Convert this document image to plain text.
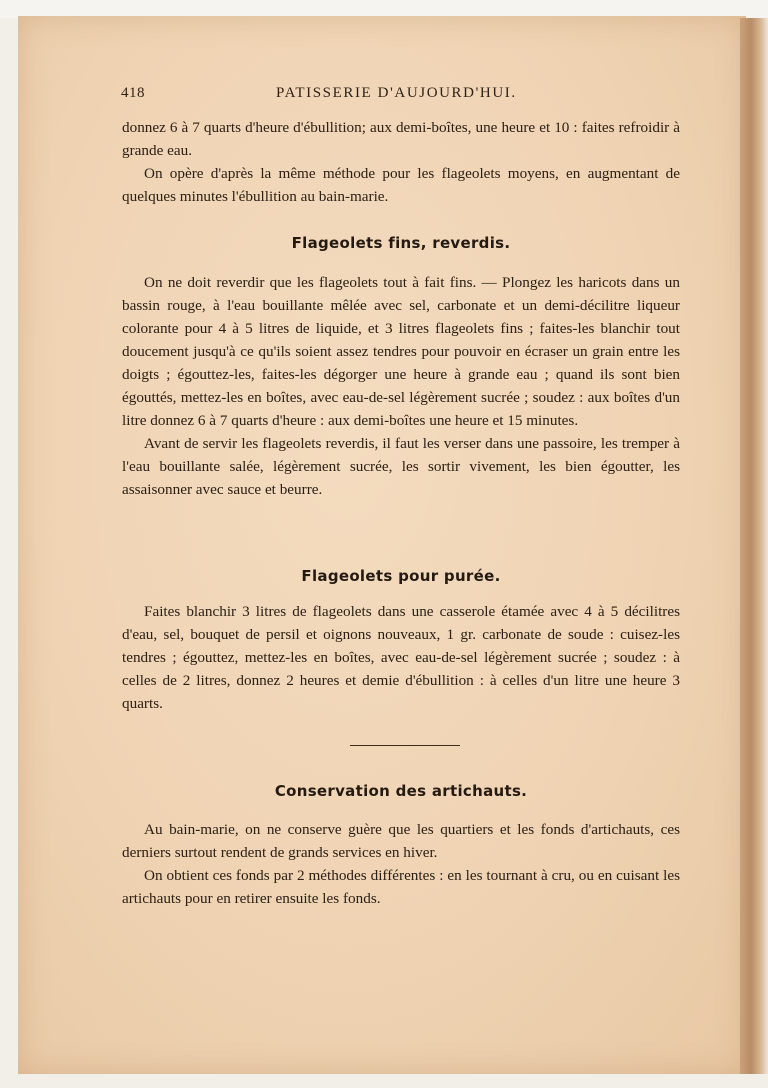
418	PATISSERIE D'AUJOURD'HUI.

donnez 6 à 7 quarts d'heure d'ébullition; aux demi-boîtes, une heure et 10 : faites refroidir à grande eau.

On opère d'après la même méthode pour les flageolets moyens, en augmentant de quelques minutes l'ébullition au bain-marie.

Flageolets fins, reverdis.

On ne doit reverdir que les flageolets tout à fait fins. — Plongez les haricots dans un bassin rouge, à l'eau bouillante mêlée avec sel, carbonate et un demi-décilitre liqueur colorante pour 4 à 5 litres de liquide, et 3 litres flageolets fins ; faites-les blanchir tout doucement jusqu'à ce qu'ils soient assez tendres pour pouvoir en écraser un grain entre les doigts ; égouttez-les, faites-les dégorger une heure à grande eau ; quand ils sont bien égouttés, mettez-les en boîtes, avec eau-de-sel légèrement sucrée ; soudez : aux boîtes d'un litre donnez 6 à 7 quarts d'heure : aux demi-boîtes une heure et 15 minutes.

Avant de servir les flageolets reverdis, il faut les verser dans une passoire, les tremper à l'eau bouillante salée, légèrement sucrée, les sortir vivement, les bien égoutter, les assaisonner avec sauce et beurre.

Flageolets pour purée.

Faites blanchir 3 litres de flageolets dans une casserole étamée avec 4 à 5 décilitres d'eau, sel, bouquet de persil et oignons nouveaux, 1 gr. carbonate de soude : cuisez-les tendres ; égouttez, mettez-les en boîtes, avec eau-de-sel légèrement sucrée ; soudez : à celles de 2 litres, donnez 2 heures et demie d'ébullition : à celles d'un litre une heure 3 quarts.

Conservation des artichauts.

Au bain-marie, on ne conserve guère que les quartiers et les fonds d'artichauts, ces derniers surtout rendent de grands services en hiver.

On obtient ces fonds par 2 méthodes différentes : en les tournant à cru, ou en cuisant les artichauts pour en retirer ensuite les fonds.
